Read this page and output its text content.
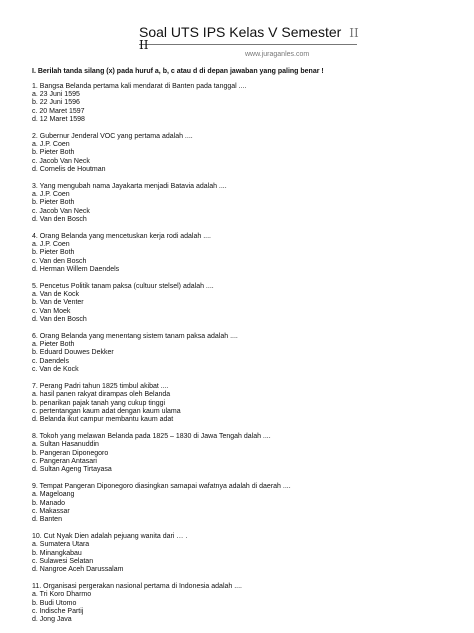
Soal UTS IPS Kelas V Semester II
II
www.juraganles.com
I. Berilah tanda silang (x) pada huruf a, b, c atau d di depan jawaban yang paling benar !
1. Bangsa Belanda pertama kali mendarat di Banten pada tanggal ....
a. 23 Juni 1595
b. 22 Juni 1596
c. 20 Maret 1597
d. 12 Maret 1598
2. Gubernur Jenderal VOC yang pertama adalah ....
a. J.P. Coen
b. Pieter Both
c. Jacob Van Neck
d. Cornelis de Houtman
3. Yang mengubah nama Jayakarta menjadi Batavia adalah ....
a. J.P. Coen
b. Pieter Both
c. Jacob Van Neck
d. Van den Bosch
4. Orang Belanda yang mencetuskan kerja rodi adalah ....
a. J.P. Coen
b. Pieter Both
c. Van den Bosch
d. Herman Willem Daendels
5. Pencetus Politik tanam paksa (cultuur stelsel) adalah ....
a. Van de Kock
b. Van de Venter
c. Van Moek
d. Van den Bosch
6. Orang Belanda yang menentang sistem tanam paksa adalah ....
a. Pieter Both
b. Eduard Douwes Dekker
c. Daendels
c. Van de Kock
7. Perang Padri tahun 1825 timbul akibat ....
a. hasil panen rakyat dirampas oleh Belanda
b. penarikan pajak tanah yang cukup tinggi
c. pertentangan kaum adat dengan kaum ulama
d. Belanda ikut campur membantu kaum adat
8. Tokoh yang melawan Belanda pada 1825 – 1830 di Jawa Tengah dalah ....
a. Sultan Hasanuddin
b. Pangeran Diponegoro
c. Pangeran Antasari
d. Sultan Ageng Tirtayasa
9. Tempat Pangeran Diponegoro diasingkan samapai wafatnya adalah di daerah ....
a. Mageloang
b. Manado
c. Makassar
d. Banten
10. Cut Nyak Dien adalah pejuang wanita dari … .
a. Sumatera Utara
b. Minangkabau
c. Sulawesi Selatan
d. Nangroe Aceh Darussalam
11. Organisasi pergerakan nasional pertama di Indonesia adalah ....
a. Tri Koro Dharmo
b. Budi Utomo
c. Indische Partij
d. Jong Java
